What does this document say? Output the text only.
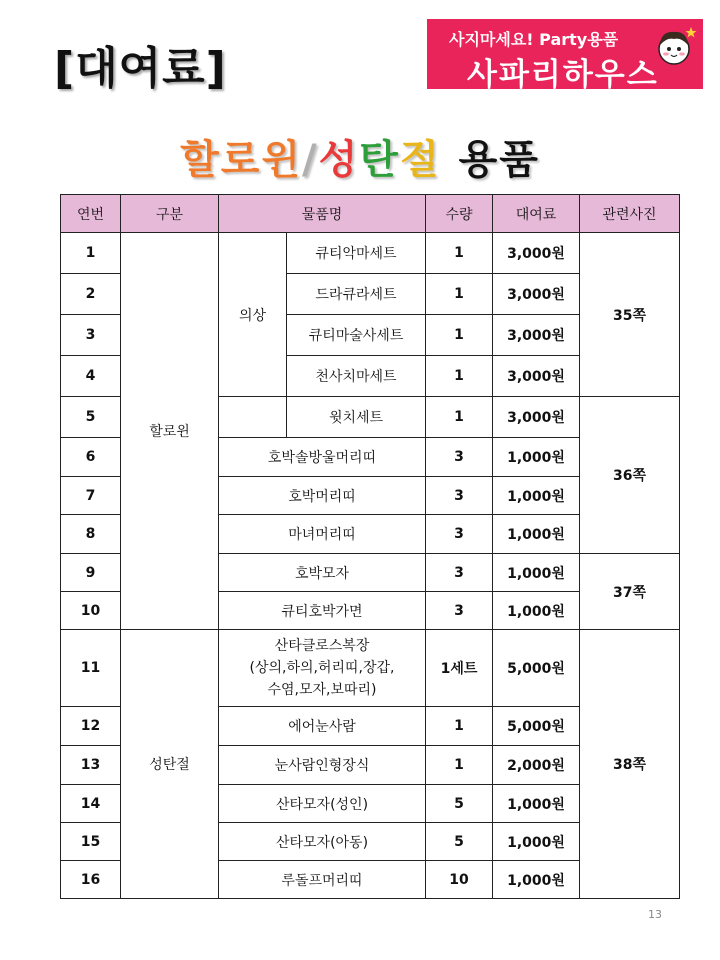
[대여료]
사지마세요! Party용품
사파리하우스
할로윈/성탄절 용품
연번	구분	물품명		수량	대여료	관련사진
1	할로윈	의상	큐티악마세트	1	3,000원	35쪽
2			드라큐라세트	1	3,000원	
3			큐티마술사세트	1	3,000원	
4			천사치마세트	1	3,000원	
5			윗치세트	1	3,000원	36쪽
6		호박솔방울머리띠		3	1,000원	
7		호박머리띠		3	1,000원	
8		마녀머리띠		3	1,000원	
9		호박모자		3	1,000원	37쪽
10		큐티호박가면		3	1,000원	
11	성탄절	산타클로스복장
(상의,하의,허리띠,장갑,
수염,모자,보따리)		1세트	5,000원	38쪽
12		에어눈사람		1	5,000원	
13		눈사람인형장식		1	2,000원	
14		산타모자(성인)		5	1,000원	
15		산타모자(아동)		5	1,000원	
16		루돌프머리띠		10	1,000원	
13
